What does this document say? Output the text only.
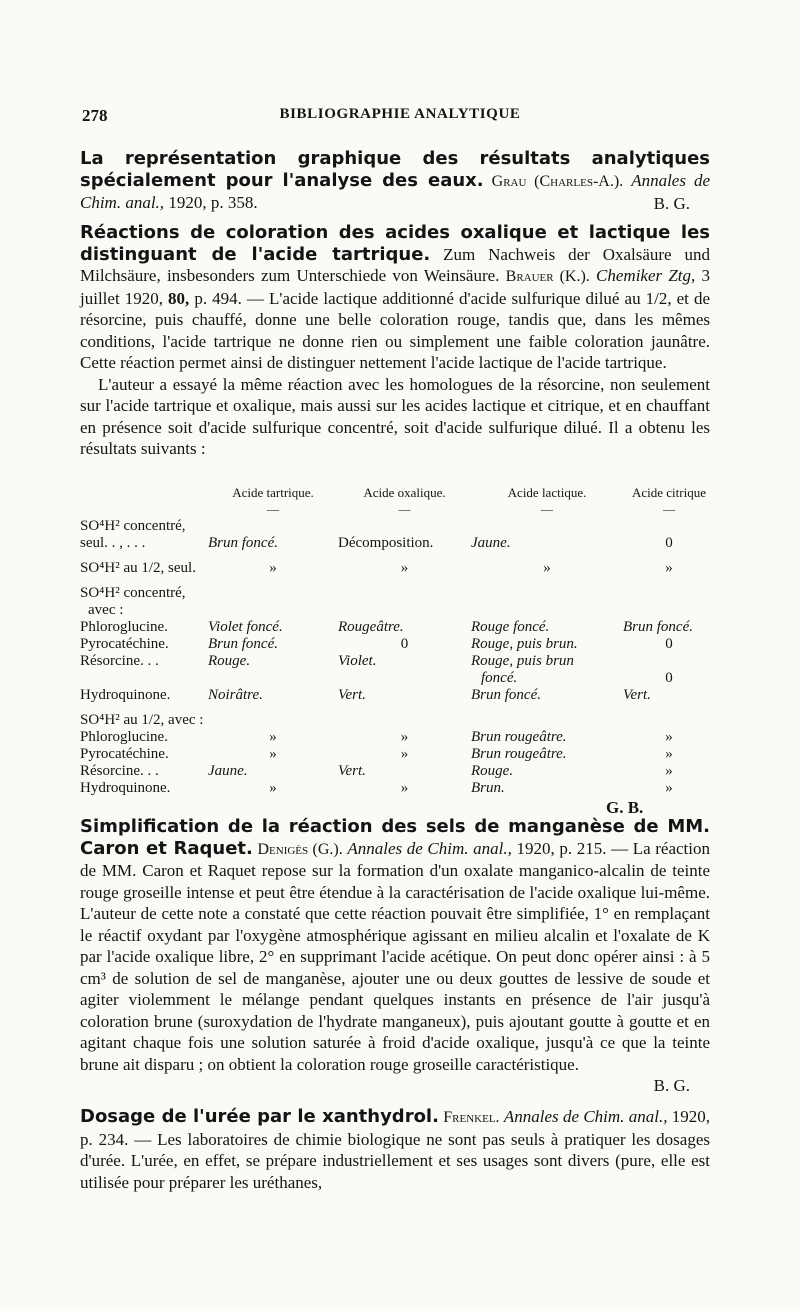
278	BIBLIOGRAPHIE ANALYTIQUE

La représentation graphique des résultats analytiques spécialement pour l'analyse des eaux. Grau (Charles-A.). Annales de Chim. anal., 1920, p. 358.	B. G.

Réactions de coloration des acides oxalique et lactique les distinguant de l'acide tartrique. Zum Nachweis der Oxalsäure und Milchsäure, insbesonders zum Unterschiede von Weinsäure. Brauer (K.). Chemiker Ztg, 3 juillet 1920, 80, p. 494. — L'acide lactique additionné d'acide sulfurique dilué au 1/2, et de résorcine, puis chauffé, donne une belle coloration rouge, tandis que, dans les mêmes conditions, l'acide tartrique ne donne rien ou simplement une faible coloration jaunâtre. Cette réaction permet ainsi de distinguer nettement l'acide lactique de l'acide tartrique.

L'auteur a essayé la même réaction avec les homologues de la résorcine, non seulement sur l'acide tartrique et oxalique, mais aussi sur les acides lactique et citrique, et en chauffant en présence soit d'acide sulfurique concentré, soit d'acide sulfurique dilué. Il a obtenu les résultats suivants :

	Acide tartrique.	Acide oxalique.	Acide lactique.	Acide citrique
	—	—	—	—
SO⁴H² concentré,				
seul. . , . . .	Brun foncé.	Décomposition.	Jaune.	0

SO⁴H² au 1/2, seul.	»	»	»	»

SO⁴H² concentré,				
avec :				
Phloroglucine.	Violet foncé.	Rougeâtre.	Rouge foncé.	Brun foncé.
Pyrocatéchine.	Brun foncé.	0	Rouge, puis brun.	0
Résorcine. . .	Rouge.	Violet.	Rouge, puis brun	
			foncé.	0
Hydroquinone.	Noirâtre.	Vert.	Brun foncé.	Vert.

SO⁴H² au 1/2, avec :				
Phloroglucine.	»	»	Brun rougeâtre.	»
Pyrocatéchine.	»	»	Brun rougeâtre.	»
Résorcine. . .	Jaune.	Vert.	Rouge.	»
Hydroquinone.	»	»	Brun.	»
G. B.

Simplification de la réaction des sels de manganèse de MM. Caron et Raquet. Denigès (G.). Annales de Chim. anal., 1920, p. 215. — La réaction de MM. Caron et Raquet repose sur la formation d'un oxalate manganico-alcalin de teinte rouge groseille intense et peut être étendue à la caractérisation de l'acide oxalique lui-même. L'auteur de cette note a constaté que cette réaction pouvait être simplifiée, 1° en remplaçant le réactif oxydant par l'oxygène atmosphérique agissant en milieu alcalin et l'oxalate de K par l'acide oxalique libre, 2° en supprimant l'acide acétique. On peut donc opérer ainsi : à 5 cm³ de solution de sel de manganèse, ajouter une ou deux gouttes de lessive de soude et agiter violemment le mélange pendant quelques instants en présence de l'air jusqu'à coloration brune (suroxydation de l'hydrate manganeux), puis ajoutant goutte à goutte et en agitant chaque fois une solution saturée à froid d'acide oxalique, jusqu'à ce que la teinte brune ait disparu ; on obtient la coloration rouge groseille caractéristique.

B. G.

Dosage de l'urée par le xanthydrol. Frenkel. Annales de Chim. anal., 1920, p. 234. — Les laboratoires de chimie biologique ne sont pas seuls à pratiquer les dosages d'urée. L'urée, en effet, se prépare industriellement et ses usages sont divers (pure, elle est utilisée pour préparer les uréthanes,
